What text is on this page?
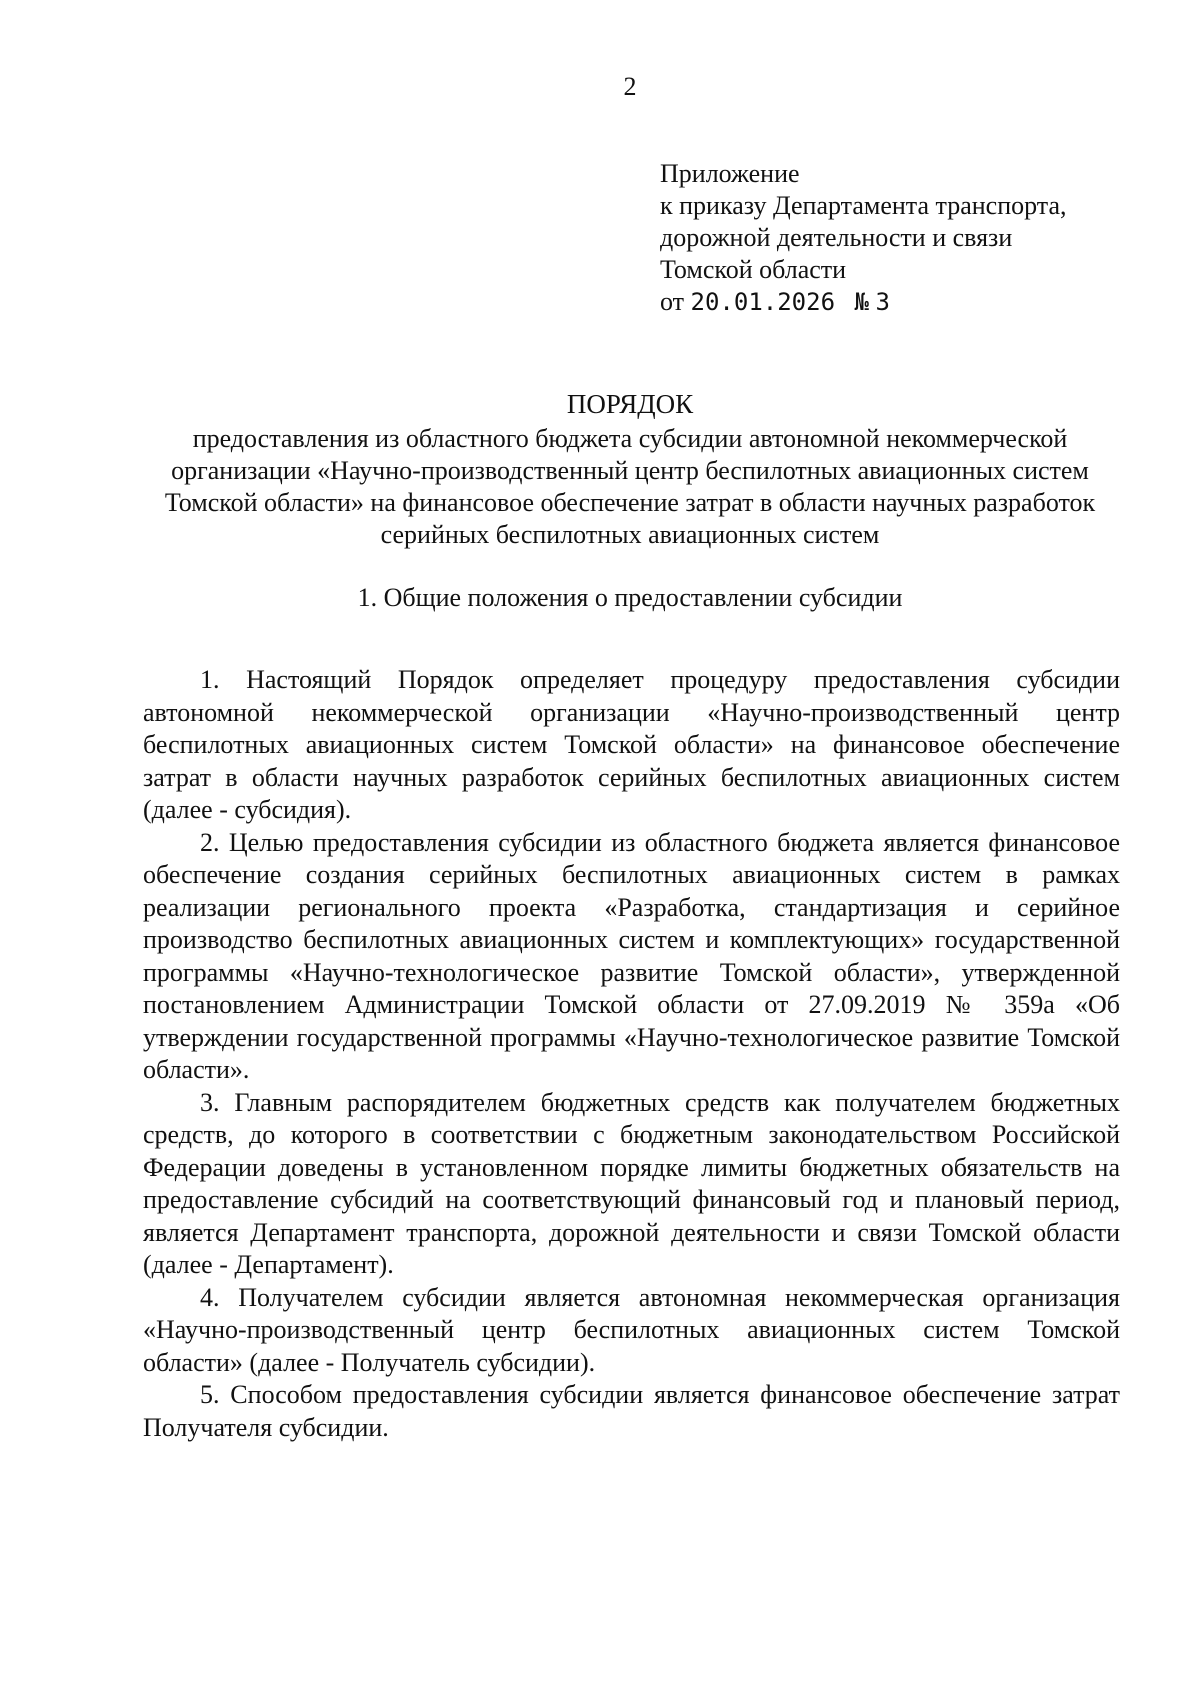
2
Приложение
к приказу Департамента транспорта,
дорожной деятельности и связи
Томской области
от 20.01.2026 № 3
ПОРЯДОК

предоставления из областного бюджета субсидии автономной некоммерческой организации «Научно-производственный центр беспилотных авиационных систем Томской области» на финансовое обеспечение затрат в области научных разработок серийных беспилотных авиационных систем

1. Общие положения о предоставлении субсидии

1. Настоящий Порядок определяет процедуру предоставления субсидии автономной некоммерческой организации «Научно-производственный центр беспилотных авиационных систем Томской области» на финансовое обеспечение затрат в области научных разработок серийных беспилотных авиационных систем (далее - субсидия).

2. Целью предоставления субсидии из областного бюджета является финансовое обеспечение создания серийных беспилотных авиационных систем в рамках реализации регионального проекта «Разработка, стандартизация и серийное производство беспилотных авиационных систем и комплектующих» государственной программы «Научно-технологическое развитие Томской области», утвержденной постановлением Администрации Томской области от 27.09.2019 № 359а «Об утверждении государственной программы «Научно-технологическое развитие Томской области».

3. Главным распорядителем бюджетных средств как получателем бюджетных средств, до которого в соответствии с бюджетным законодательством Российской Федерации доведены в установленном порядке лимиты бюджетных обязательств на предоставление субсидий на соответствующий финансовый год и плановый период, является Департамент транспорта, дорожной деятельности и связи Томской области (далее - Департамент).

4. Получателем субсидии является автономная некоммерческая организация «Научно-производственный центр беспилотных авиационных систем Томской области» (далее - Получатель субсидии).

5. Способом предоставления субсидии является финансовое обеспечение затрат Получателя субсидии.
